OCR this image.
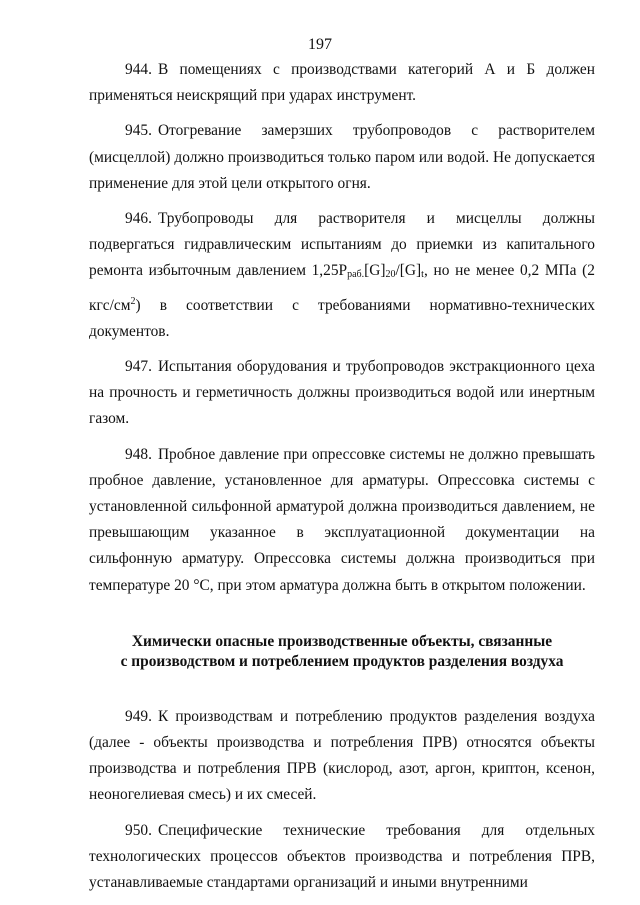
197

944. В помещениях с производствами категорий А и Б должен применяться неискрящий при ударах инструмент.

945. Отогревание замерзших трубопроводов с растворителем (мисцеллой) должно производиться только паром или водой. Не допускается применение для этой цели открытого огня.

946. Трубопроводы для растворителя и мисцеллы должны подвергаться гидравлическим испытаниям до приемки из капитального ремонта избыточным давлением $1,25Р_{раб.}[G]_{20}/[G]_t$, но не менее 0,2 МПа (2 кгс/$см^2$) в соответствии с требованиями нормативно-технических документов.

947. Испытания оборудования и трубопроводов экстракционного цеха на прочность и герметичность должны производиться водой или инертным газом.

948. Пробное давление при опрессовке системы не должно превышать пробное давление, установленное для арматуры. Опрессовка системы с установленной сильфонной арматурой должна производиться давлением, не превышающим указанное в эксплуатационной документации на сильфонную арматуру. Опрессовка системы должна производиться при температуре 20 °С, при этом арматура должна быть в открытом положении.

Химически опасные производственные объекты, связанные
с производством и потреблением продуктов разделения воздуха

949. К производствам и потреблению продуктов разделения воздуха (далее - объекты производства и потребления ПРВ) относятся объекты производства и потребления ПРВ (кислород, азот, аргон, криптон, ксенон, неоногелиевая смесь) и их смесей.

950. Специфические технические требования для отдельных технологических процессов объектов производства и потребления ПРВ, устанавливаемые стандартами организаций и иными внутренними
